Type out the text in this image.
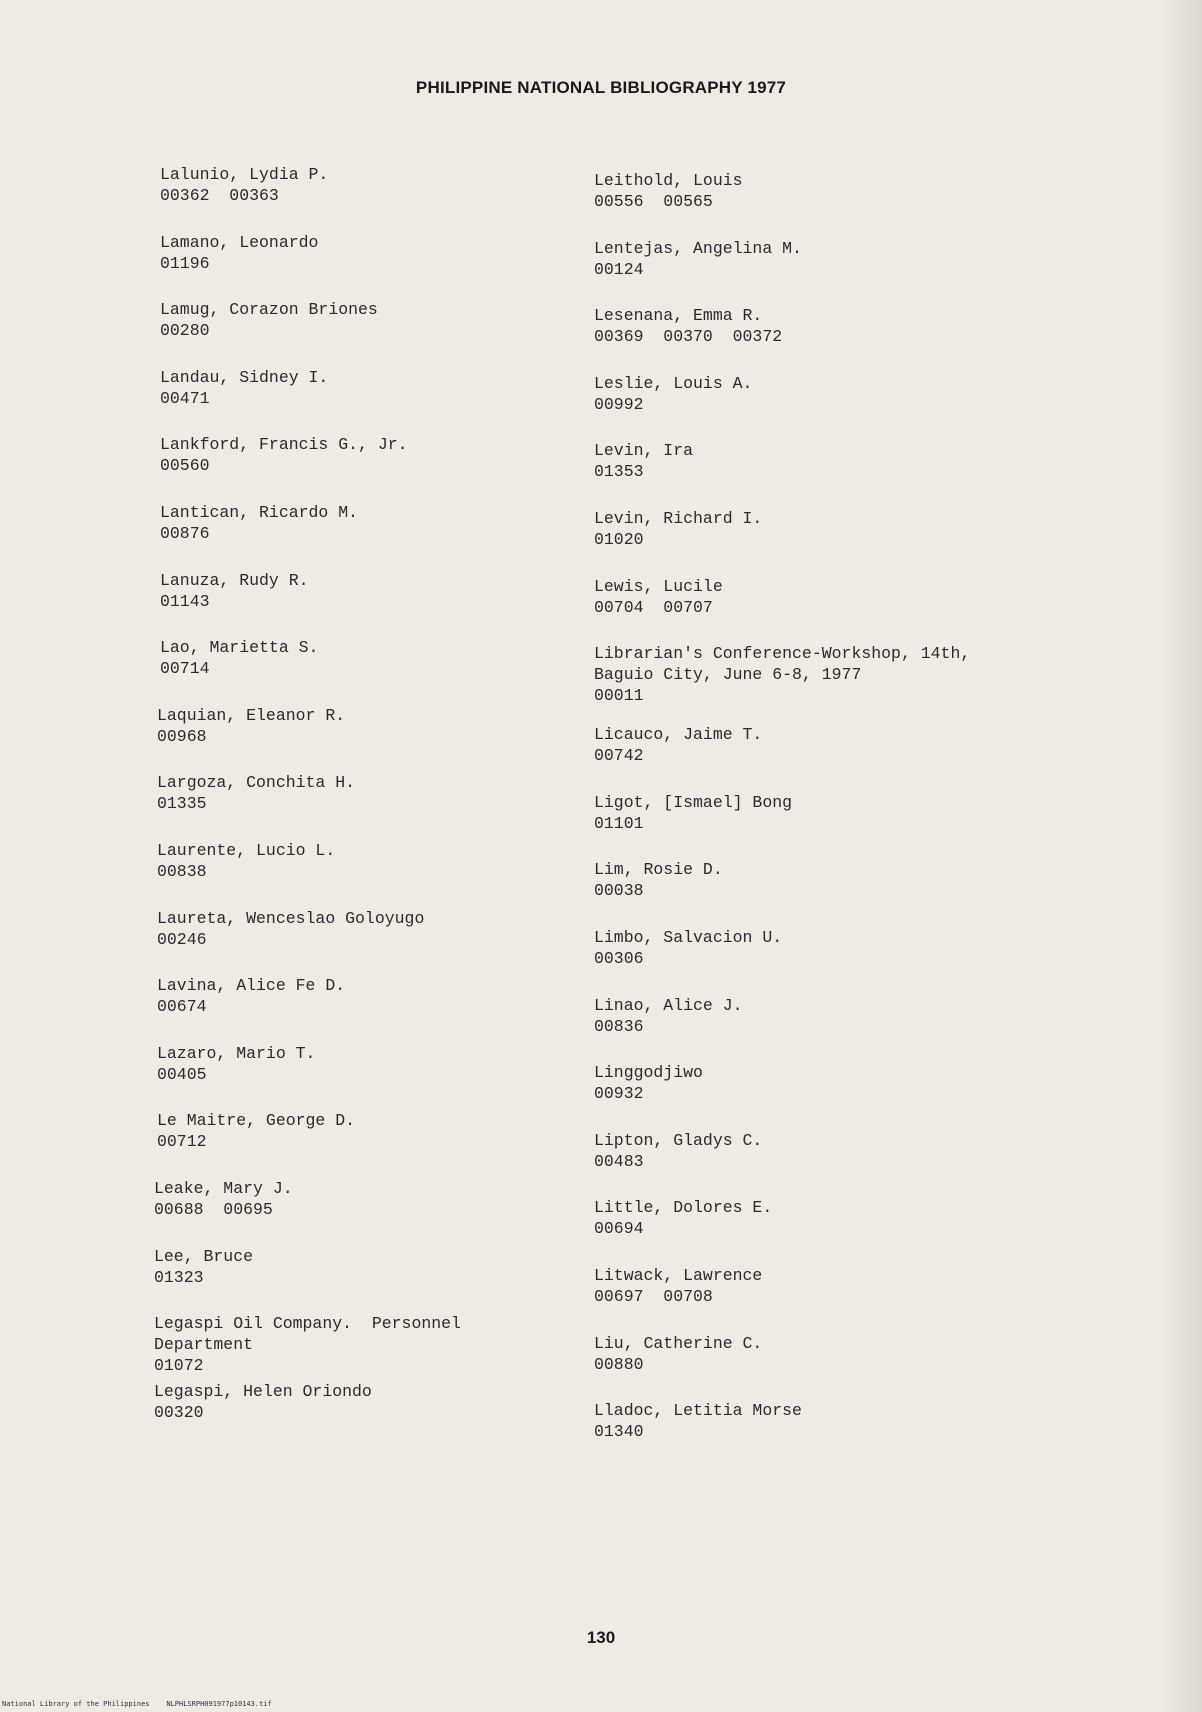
PHILIPPINE NATIONAL BIBLIOGRAPHY 1977
Lalunio, Lydia P.
00362  00363
Lamano, Leonardo
01196
Lamug, Corazon Briones
00280
Landau, Sidney I.
00471
Lankford, Francis G., Jr.
00560
Lantican, Ricardo M.
00876
Lanuza, Rudy R.
01143
Lao, Marietta S.
00714
Laquian, Eleanor R.
00968
Largoza, Conchita H.
01335
Laurente, Lucio L.
00838
Laureta, Wenceslao Goloyugo
00246
Lavina, Alice Fe D.
00674
Lazaro, Mario T.
00405
Le Maitre, George D.
00712
Leake, Mary J.
00688  00695
Lee, Bruce
01323
Legaspi Oil Company.  Personnel
Department
01072
Legaspi, Helen Oriondo
00320
Leithold, Louis
00556  00565
Lentejas, Angelina M.
00124
Lesenana, Emma R.
00369  00370  00372
Leslie, Louis A.
00992
Levin, Ira
01353
Levin, Richard I.
01020
Lewis, Lucile
00704  00707
Librarian's Conference-Workshop, 14th,
Baguio City, June 6-8, 1977
00011
Licauco, Jaime T.
00742
Ligot, [Ismael] Bong
01101
Lim, Rosie D.
00038
Limbo, Salvacion U.
00306
Linao, Alice J.
00836
Linggodjiwo
00932
Lipton, Gladys C.
00483
Little, Dolores E.
00694
Litwack, Lawrence
00697  00708
Liu, Catherine C.
00880
Lladoc, Letitia Morse
01340
130
National Library of the Philippines    NLPHLSRPH091977p10143.tif
